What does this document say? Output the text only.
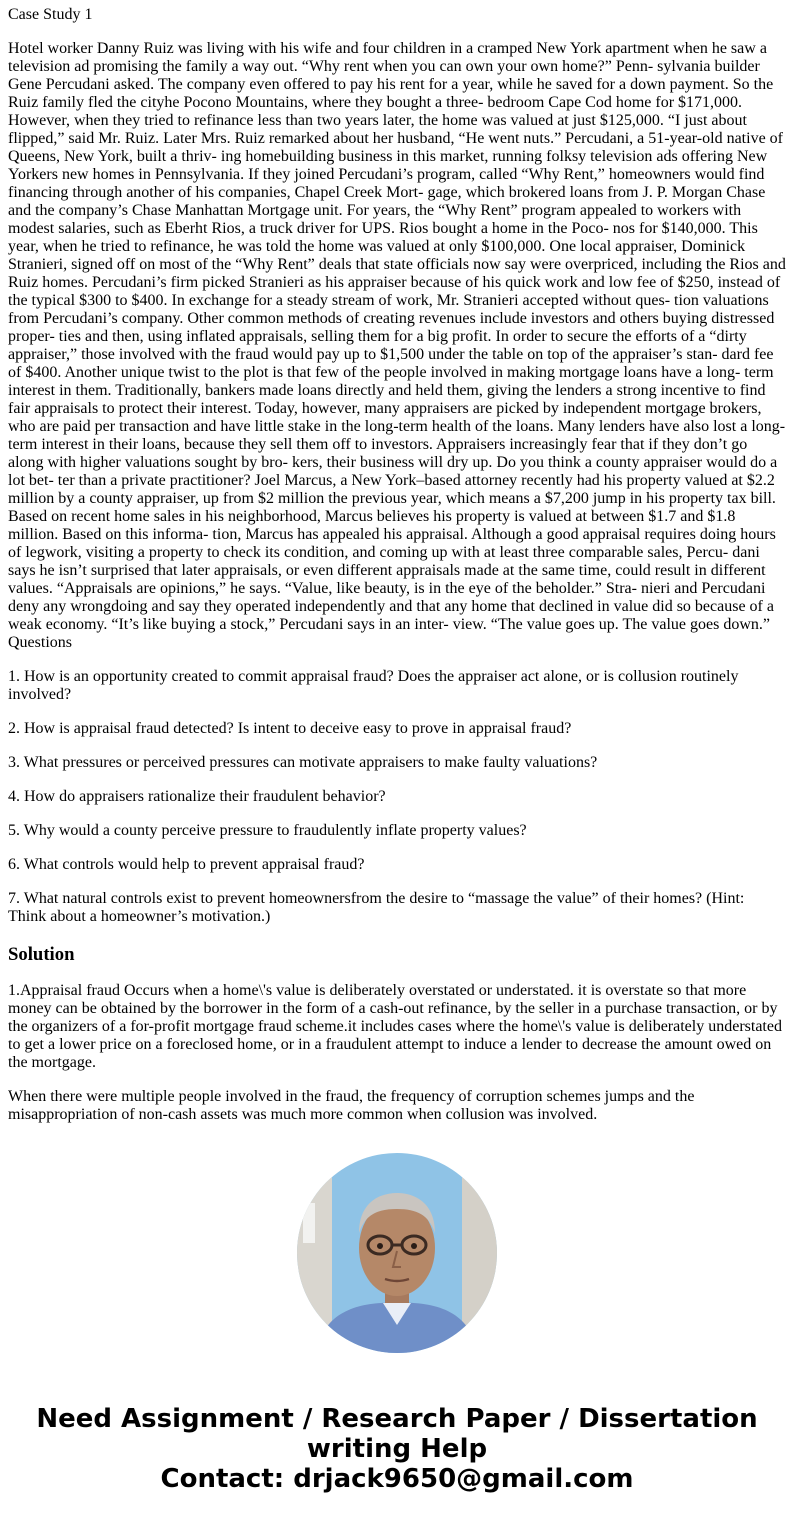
Case Study 1

Hotel worker Danny Ruiz was living with his wife and four children in a cramped New York apartment when he saw a television ad promising the family a way out. “Why rent when you can own your own home?” Penn- sylvania builder Gene Percudani asked. The company even offered to pay his rent for a year, while he saved for a down payment. So the Ruiz family fled the cityhe Pocono Mountains, where they bought a three- bedroom Cape Cod home for $171,000. However, when they tried to refinance less than two years later, the home was valued at just $125,000. “I just about flipped,” said Mr. Ruiz. Later Mrs. Ruiz remarked about her husband, “He went nuts.” Percudani, a 51-year-old native of Queens, New York, built a thriv- ing homebuilding business in this market, running folksy television ads offering New Yorkers new homes in Pennsylvania. If they joined Percudani’s program, called “Why Rent,” homeowners would find financing through another of his companies, Chapel Creek Mort- gage, which brokered loans from J. P. Morgan Chase and the company’s Chase Manhattan Mortgage unit. For years, the “Why Rent” program appealed to workers with modest salaries, such as Eberht Rios, a truck driver for UPS. Rios bought a home in the Poco- nos for $140,000. This year, when he tried to refinance, he was told the home was valued at only $100,000. One local appraiser, Dominick Stranieri, signed off on most of the “Why Rent” deals that state officials now say were overpriced, including the Rios and Ruiz homes. Percudani’s firm picked Stranieri as his appraiser because of his quick work and low fee of $250, instead of the typical $300 to $400. In exchange for a steady stream of work, Mr. Stranieri accepted without ques- tion valuations from Percudani’s company. Other common methods of creating revenues include investors and others buying distressed proper- ties and then, using inflated appraisals, selling them for a big profit. In order to secure the efforts of a “dirty appraiser,” those involved with the fraud would pay up to $1,500 under the table on top of the appraiser’s stan- dard fee of $400. Another unique twist to the plot is that few of the people involved in making mortgage loans have a long- term interest in them. Traditionally, bankers made loans directly and held them, giving the lenders a strong incentive to find fair appraisals to protect their interest. Today, however, many appraisers are picked by independent mortgage brokers, who are paid per transaction and have little stake in the long-term health of the loans. Many lenders have also lost a long-term interest in their loans, because they sell them off to investors. Appraisers increasingly fear that if they don’t go along with higher valuations sought by bro- kers, their business will dry up. Do you think a county appraiser would do a lot bet- ter than a private practitioner? Joel Marcus, a New York–based attorney recently had his property valued at $2.2 million by a county appraiser, up from $2 million the previous year, which means a $7,200 jump in his property tax bill. Based on recent home sales in his neighborhood, Marcus believes his property is valued at between $1.7 and $1.8 million. Based on this informa- tion, Marcus has appealed his appraisal. Although a good appraisal requires doing hours of legwork, visiting a property to check its condition, and coming up with at least three comparable sales, Percu- dani says he isn’t surprised that later appraisals, or even different appraisals made at the same time, could result in different values. “Appraisals are opinions,” he says. “Value, like beauty, is in the eye of the beholder.” Stra- nieri and Percudani deny any wrongdoing and say they operated independently and that any home that declined in value did so because of a weak economy. “It’s like buying a stock,” Percudani says in an inter- view. “The value goes up. The value goes down.”

Questions

1. How is an opportunity created to commit appraisal fraud? Does the appraiser act alone, or is collusion routinely involved?

2. How is appraisal fraud detected? Is intent to deceive easy to prove in appraisal fraud?

3. What pressures or perceived pressures can motivate appraisers to make faulty valuations?

4. How do appraisers rationalize their fraudulent behavior?

5. Why would a county perceive pressure to fraudulently inflate property values?

6. What controls would help to prevent appraisal fraud?

7. What natural controls exist to prevent homeownersfrom the desire to “massage the value” of their homes? (Hint: Think about a homeowner’s motivation.)

Solution

1.Appraisal fraud Occurs when a home\'s value is deliberately overstated or understated. it is overstate so that more money can be obtained by the borrower in the form of a cash-out refinance, by the seller in a purchase transaction, or by the organizers of a for-profit mortgage fraud scheme.it includes cases where the home\'s value is deliberately understated to get a lower price on a foreclosed home, or in a fraudulent attempt to induce a lender to decrease the amount owed on the mortgage.

When there were multiple people involved in the fraud, the frequency of corruption schemes jumps and the misappropriation of non-cash assets was much more common when collusion was involved.

Need Assignment / Research Paper / Dissertation
writing Help
Contact: drjack9650@gmail.com
